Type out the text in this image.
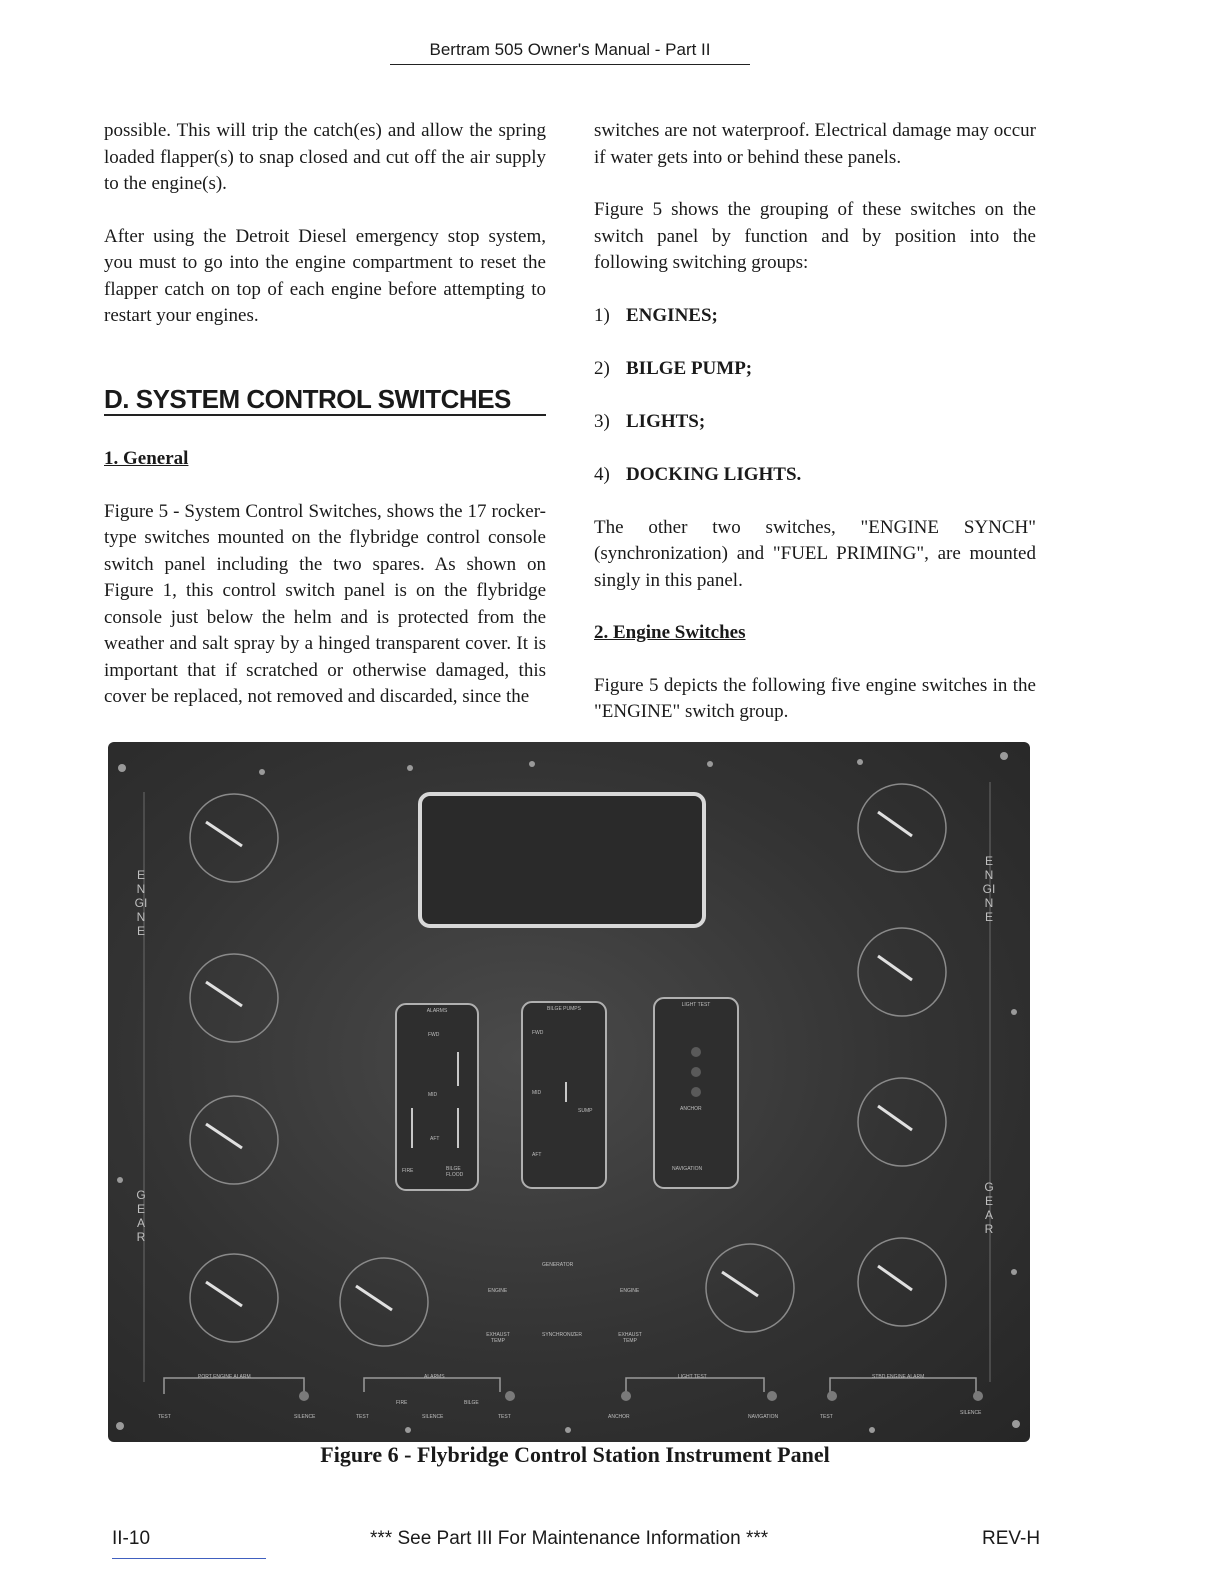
Bertram 505 Owner's Manual - Part II

possible. This will trip the catch(es) and allow the spring loaded flapper(s) to snap closed and cut off the air supply to the engine(s).

After using the Detroit Diesel emergency stop system, you must to go into the engine compartment to reset the flapper catch on top of each engine before attempting to restart your engines.

D. SYSTEM CONTROL SWITCHES
1. General

Figure 5 - System Control Switches, shows the 17 rocker-type switches mounted on the flybridge control console switch panel including the two spares. As shown on Figure 1, this control switch panel is on the flybridge console just below the helm and is protected from the weather and salt spray by a hinged transparent cover. It is important that if scratched or otherwise damaged, this cover be replaced, not removed and discarded, since the

switches are not waterproof. Electrical damage may occur if water gets into or behind these panels.

Figure 5 shows the grouping of these switches on the switch panel by function and by position into the following switching groups:

1) ENGINES;
2) BILGE PUMP;
3) LIGHTS;
4) DOCKING LIGHTS.

The other two switches, "ENGINE SYNCH" (synchronization) and "FUEL PRIMING", are mounted singly in this panel.

2. Engine Switches

Figure 5 depicts the following five engine switches in the "ENGINE" switch group.

ENGINE
ENGINE
GEAR
GEAR
ALARMS	BILGE PUMPS
LIGHT TEST
FWD	FWD
MID	MID
AFT
AFT
FIRE	BILGE FLOOD
SUMP	ANCHOR
NAVIGATION
GENERATOR
ENGINE	ENGINE
EXHAUST TEMP
SYNCHRONIZER	EXHAUST TEMP
PORT ENGINE ALARM	ALARMS	LIGHT TEST	STBD ENGINE ALARM
TEST	SILENCE	TEST
FIRE
SILENCE
BILGE
TEST	ANCHOR	NAVIGATION	TEST
SILENCE
Figure 6 - Flybridge Control Station Instrument Panel
II-10	*** See Part III For Maintenance Information ***	REV-H
